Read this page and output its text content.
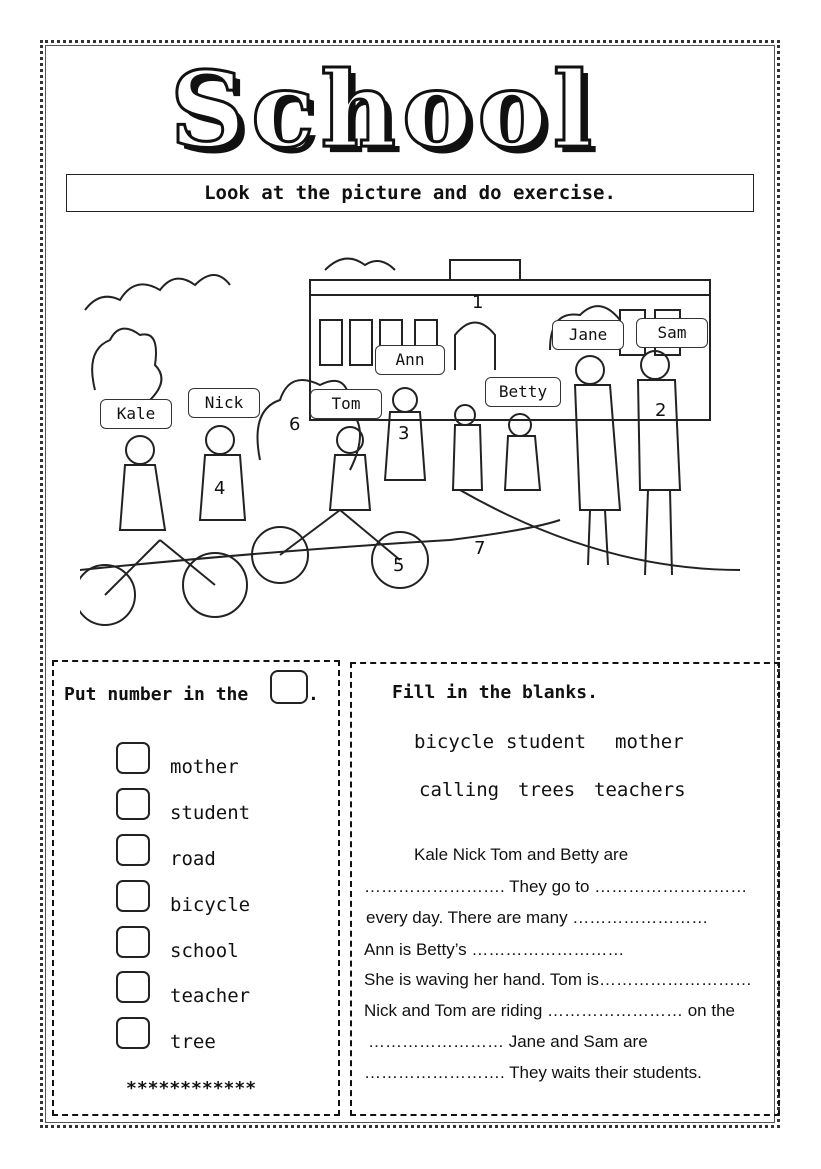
School
Look at the picture and do exercise.
Kale
Nick	Tom
Ann
Betty
Jane	Sam
1
2
3
4
5
6
7
Put number in the	.
mother
student
road
bicycle
school
teacher
tree
************
Fill in the blanks.
bicycle student mother
calling trees teachers
Kale Nick Tom and Betty are
……………………. They go to ………………………
every day. There are many ……………………
Ann is Betty’s ………………………
She is waving her hand. Tom is………………………
Nick and Tom are riding …………………… on the
…………………… Jane and Sam are
……………………. They waits their students.
